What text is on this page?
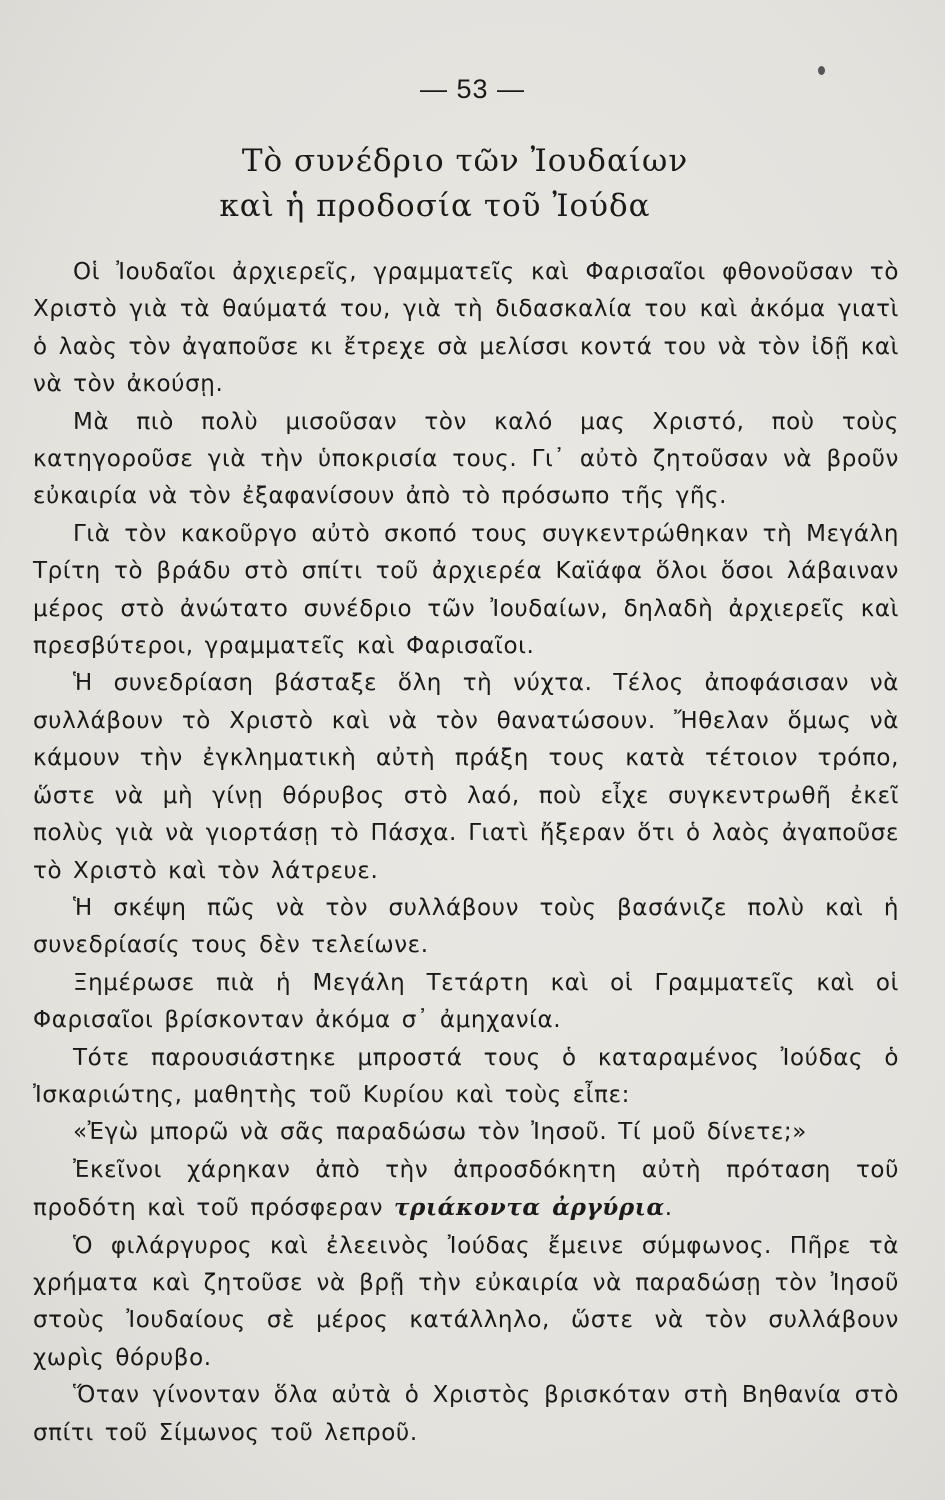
— 53 —
Τὸ συνέδριο τῶν Ἰουδαίων
καὶ ἡ προδοσία τοῦ Ἰούδα

Οἱ Ἰουδαῖοι ἀρχιερεῖς, γραμματεῖς καὶ Φαρισαῖοι φθονοῦσαν τὸ Χριστὸ γιὰ τὰ θαύματά του, γιὰ τὴ διδασκαλία του καὶ ἀκόμα γιατὶ ὁ λαὸς τὸν ἀγαποῦσε κι ἔτρεχε σὰ μελίσσι κοντά του νὰ τὸν ἰδῇ καὶ νὰ τὸν ἀκούσῃ.

Μὰ πιὸ πολὺ μισοῦσαν τὸν καλό μας Χριστό, ποὺ τοὺς κατηγοροῦσε γιὰ τὴν ὑποκρισία τους. Γι᾿ αὐτὸ ζητοῦσαν νὰ βροῦν εὐκαιρία νὰ τὸν ἐξαφανίσουν ἀπὸ τὸ πρόσωπο τῆς γῆς.

Γιὰ τὸν κακοῦργο αὐτὸ σκοπό τους συγκεντρώθηκαν τὴ Μεγάλη Τρίτη τὸ βράδυ στὸ σπίτι τοῦ ἀρχιερέα Καϊάφα ὅλοι ὅσοι λάβαιναν μέρος στὸ ἀνώτατο συνέδριο τῶν Ἰουδαίων, δηλαδὴ ἀρχιερεῖς καὶ πρεσβύτεροι, γραμματεῖς καὶ Φαρισαῖοι.

Ἡ συνεδρίαση βάσταξε ὅλη τὴ νύχτα. Τέλος ἀποφάσισαν νὰ συλλάβουν τὸ Χριστὸ καὶ νὰ τὸν θανατώσουν. Ἤθελαν ὅμως νὰ κάμουν τὴν ἐγκληματικὴ αὐτὴ πράξη τους κατὰ τέτοιον τρόπο, ὥστε νὰ μὴ γίνῃ θόρυβος στὸ λαό, ποὺ εἶχε συγκεντρωθῆ ἐκεῖ πολὺς γιὰ νὰ γιορτάσῃ τὸ Πάσχα. Γιατὶ ἤξεραν ὅτι ὁ λαὸς ἀγαποῦσε τὸ Χριστὸ καὶ τὸν λάτρευε.

Ἡ σκέψη πῶς νὰ τὸν συλλάβουν τοὺς βασάνιζε πολὺ καὶ ἡ συνεδρίασίς τους δὲν τελείωνε.

Ξημέρωσε πιὰ ἡ Μεγάλη Τετάρτη καὶ οἱ Γραμματεῖς καὶ οἱ Φαρισαῖοι βρίσκονταν ἀκόμα σ᾿ ἀμηχανία.

Τότε παρουσιάστηκε μπροστά τους ὁ καταραμένος Ἰούδας ὁ Ἰσκαριώτης, μαθητὴς τοῦ Κυρίου καὶ τοὺς εἶπε:

«Ἐγὼ μπορῶ νὰ σᾶς παραδώσω τὸν Ἰησοῦ. Τί μοῦ δίνετε;»

Ἐκεῖνοι χάρηκαν ἀπὸ τὴν ἀπροσδόκητη αὐτὴ πρόταση τοῦ προδότη καὶ τοῦ πρόσφεραν τριάκοντα ἀργύρια.

Ὁ φιλάργυρος καὶ ἐλεεινὸς Ἰούδας ἔμεινε σύμφωνος. Πῆρε τὰ χρήματα καὶ ζητοῦσε νὰ βρῇ τὴν εὐκαιρία νὰ παραδώσῃ τὸν Ἰησοῦ στοὺς Ἰουδαίους σὲ μέρος κατάλληλο, ὥστε νὰ τὸν συλλάβουν χωρὶς θόρυβο.

Ὅταν γίνονταν ὅλα αὐτὰ ὁ Χριστὸς βρισκόταν στὴ Βηθανία στὸ σπίτι τοῦ Σίμωνος τοῦ λεπροῦ.
